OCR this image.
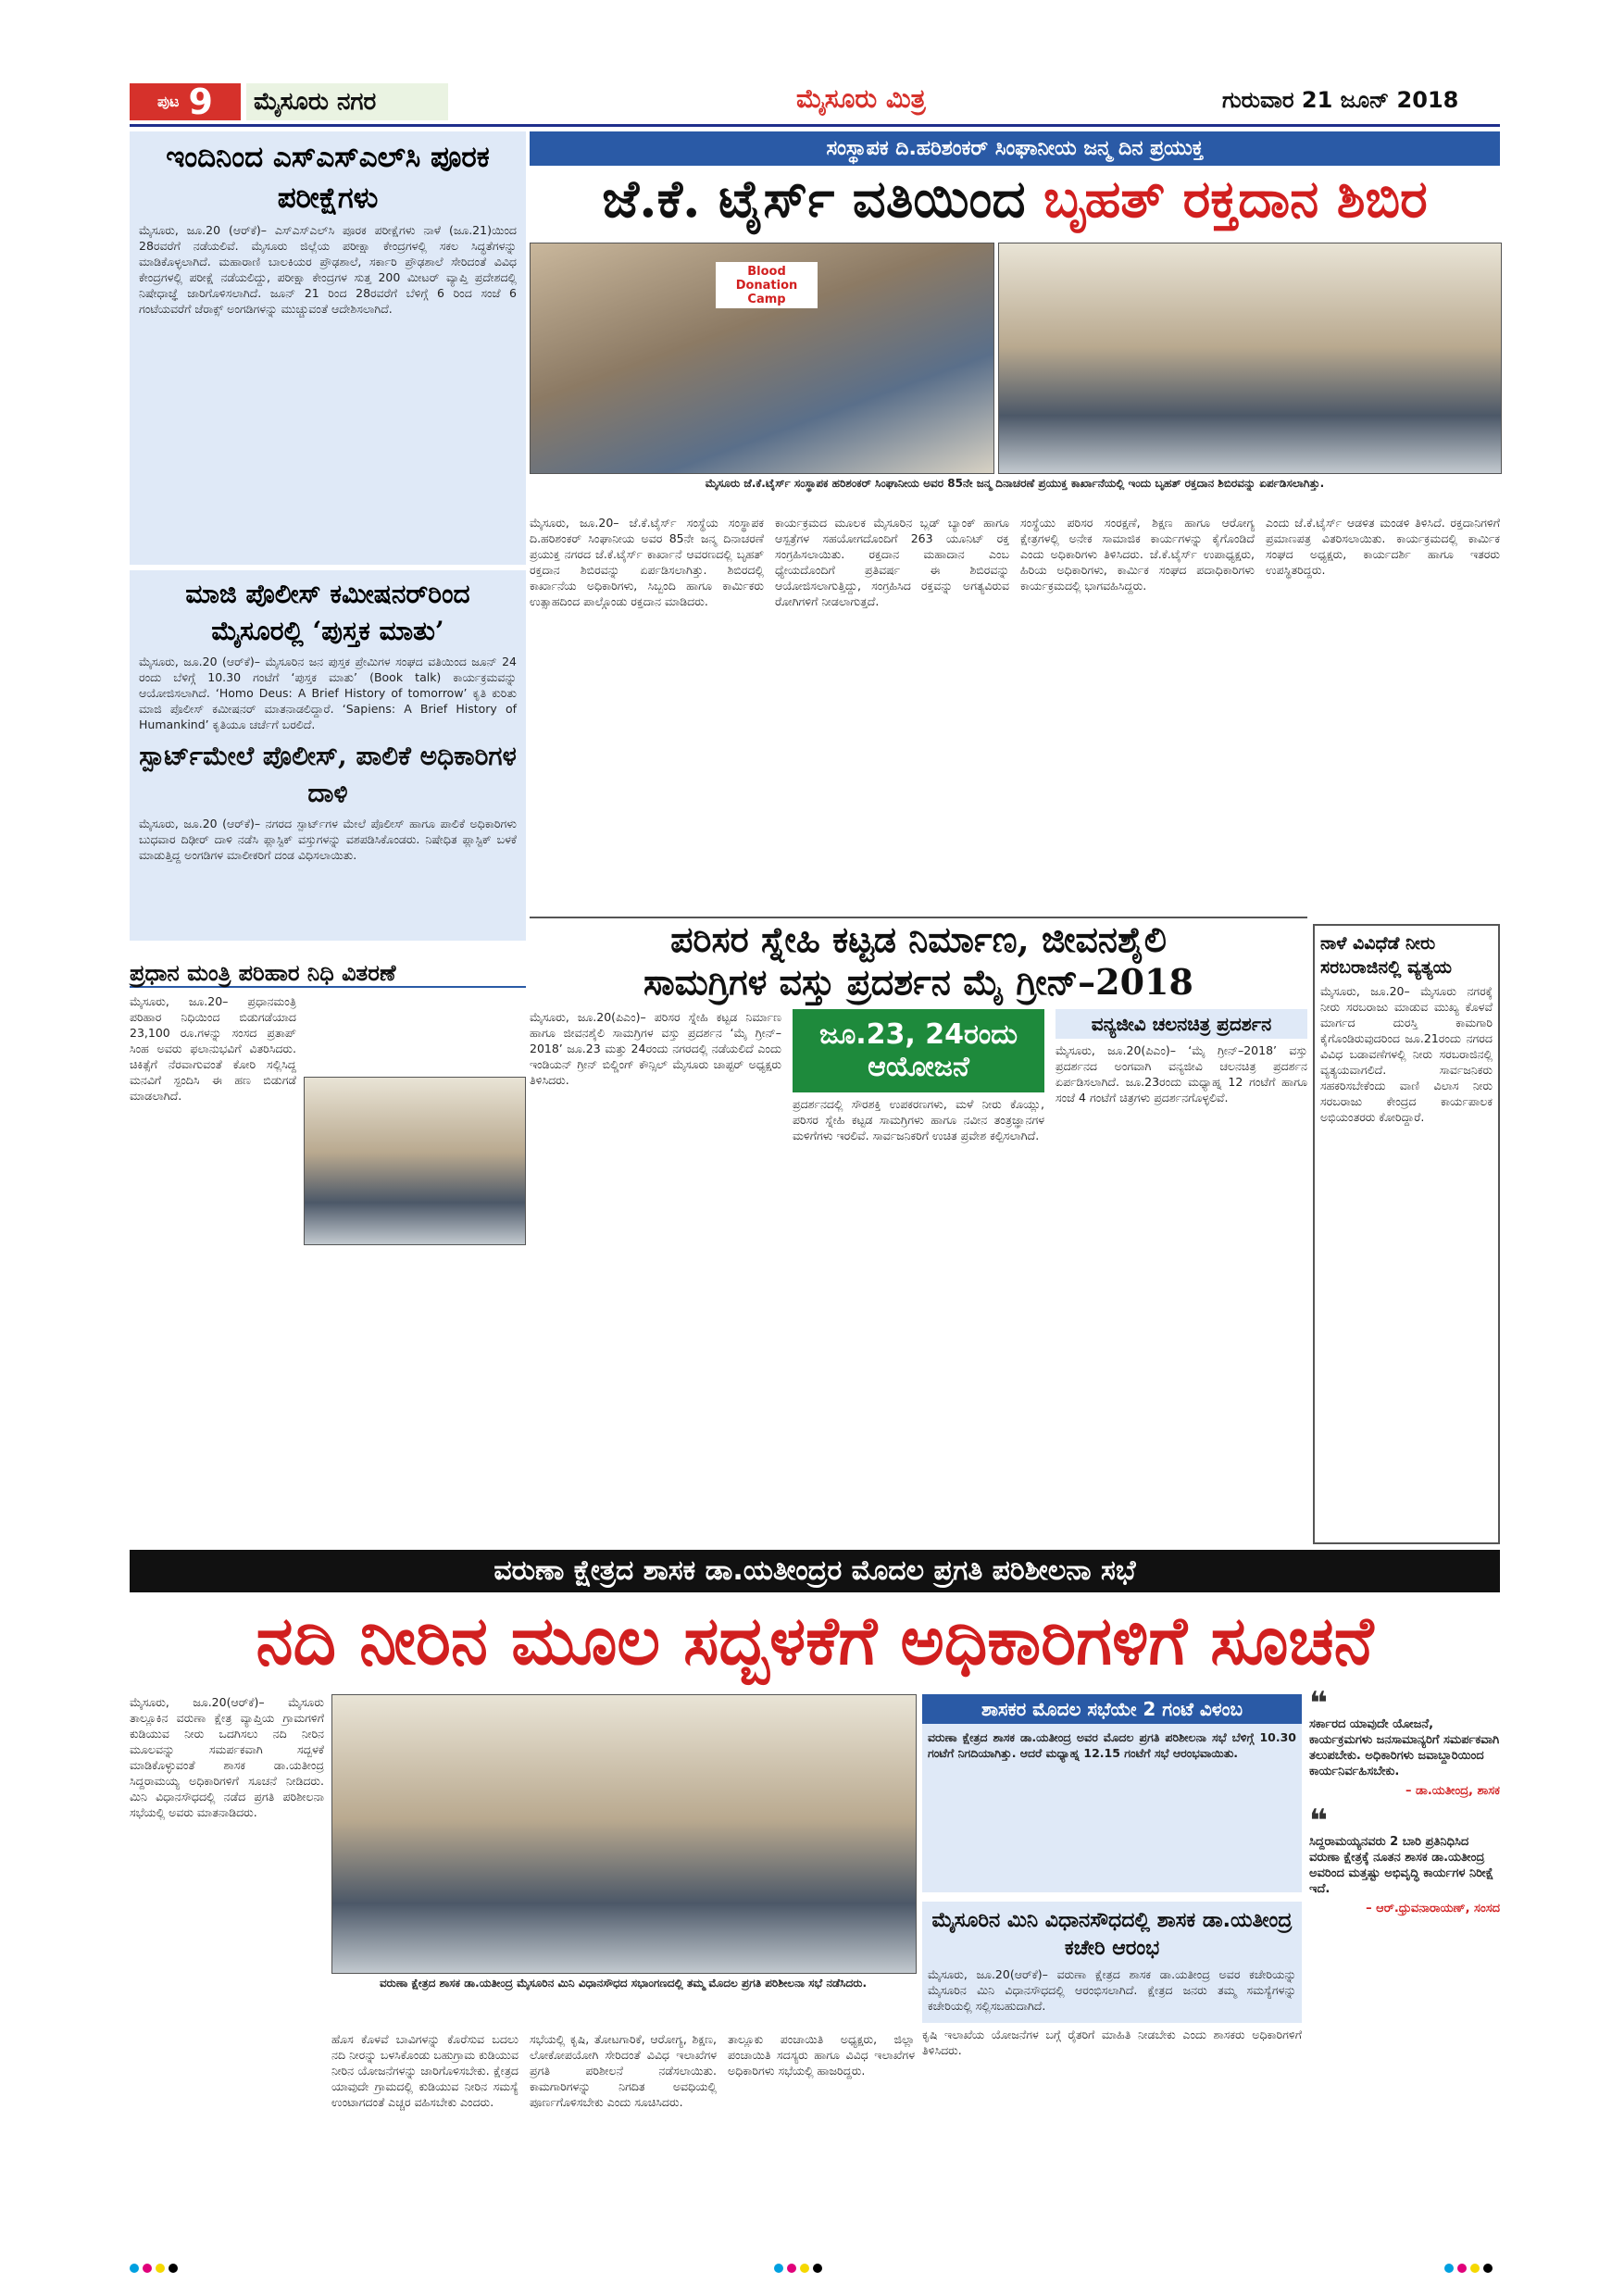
ಪುಟ 9	ಮೈಸೂರು ನಗರ	ಮೈಸೂರು ಮಿತ್ರ	ಗುರುವಾರ 21 ಜೂನ್ 2018
ಇಂದಿನಿಂದ ಎಸ್‌ಎಸ್‌ಎಲ್‌ಸಿ ಪೂರಕ ಪರೀಕ್ಷೆಗಳು

ಮೈಸೂರು, ಜೂ.20 (ಆರ್‌ಕೆ)– ಎಸ್‌ಎಸ್‌ಎಲ್‌ಸಿ ಪೂರಕ ಪರೀಕ್ಷೆಗಳು ನಾಳೆ (ಜೂ.21)ಯಿಂದ 28ರವರೆಗೆ ನಡೆಯಲಿವೆ. ಮೈಸೂರು ಜಿಲ್ಲೆಯ ಪರೀಕ್ಷಾ ಕೇಂದ್ರಗಳಲ್ಲಿ ಸಕಲ ಸಿದ್ಧತೆಗಳನ್ನು ಮಾಡಿಕೊಳ್ಳಲಾಗಿದೆ. ಮಹಾರಾಣಿ ಬಾಲಕಿಯರ ಪ್ರೌಢಶಾಲೆ, ಸರ್ಕಾರಿ ಪ್ರೌಢಶಾಲೆ ಸೇರಿದಂತೆ ವಿವಿಧ ಕೇಂದ್ರಗಳಲ್ಲಿ ಪರೀಕ್ಷೆ ನಡೆಯಲಿದ್ದು, ಪರೀಕ್ಷಾ ಕೇಂದ್ರಗಳ ಸುತ್ತ 200 ಮೀಟರ್ ವ್ಯಾಪ್ತಿ ಪ್ರದೇಶದಲ್ಲಿ ನಿಷೇಧಾಜ್ಞೆ ಜಾರಿಗೊಳಿಸಲಾಗಿದೆ. ಜೂನ್ 21 ರಿಂದ 28ರವರೆಗೆ ಬೆಳಿಗ್ಗೆ 6 ರಿಂದ ಸಂಜೆ 6 ಗಂಟೆಯವರೆಗೆ ಜೆರಾಕ್ಸ್ ಅಂಗಡಿಗಳನ್ನು ಮುಚ್ಚುವಂತೆ ಆದೇಶಿಸಲಾಗಿದೆ.

ಮಾಜಿ ಪೊಲೀಸ್ ಕಮೀಷನರ್‌ರಿಂದ ಮೈಸೂರಲ್ಲಿ ‘ಪುಸ್ತಕ ಮಾತು’

ಮೈಸೂರು, ಜೂ.20 (ಆರ್‌ಕೆ)– ಮೈಸೂರಿನ ಜನ ಪುಸ್ತಕ ಪ್ರೇಮಿಗಳ ಸಂಘದ ವತಿಯಿಂದ ಜೂನ್ 24 ರಂದು ಬೆಳಿಗ್ಗೆ 10.30 ಗಂಟೆಗೆ ‘ಪುಸ್ತಕ ಮಾತು’ (Book talk) ಕಾರ್ಯಕ್ರಮವನ್ನು ಆಯೋಜಿಸಲಾಗಿದೆ. ‘Homo Deus: A Brief History of tomorrow’ ಕೃತಿ ಕುರಿತು ಮಾಜಿ ಪೊಲೀಸ್ ಕಮೀಷನರ್ ಮಾತನಾಡಲಿದ್ದಾರೆ. ‘Sapiens: A Brief History of Humankind’ ಕೃತಿಯೂ ಚರ್ಚೆಗೆ ಬರಲಿದೆ.

ಸ್ಪಾರ್ಟ್‌ಮೇಲೆ ಪೊಲೀಸ್, ಪಾಲಿಕೆ ಅಧಿಕಾರಿಗಳ ದಾಳಿ

ಮೈಸೂರು, ಜೂ.20 (ಆರ್‌ಕೆ)– ನಗರದ ಸ್ಪಾರ್ಟ್‌ಗಳ ಮೇಲೆ ಪೊಲೀಸ್ ಹಾಗೂ ಪಾಲಿಕೆ ಅಧಿಕಾರಿಗಳು ಬುಧವಾರ ದಿಢೀರ್ ದಾಳಿ ನಡೆಸಿ ಪ್ಲಾಸ್ಟಿಕ್ ವಸ್ತುಗಳನ್ನು ವಶಪಡಿಸಿಕೊಂಡರು. ನಿಷೇಧಿತ ಪ್ಲಾಸ್ಟಿಕ್ ಬಳಕೆ ಮಾಡುತ್ತಿದ್ದ ಅಂಗಡಿಗಳ ಮಾಲೀಕರಿಗೆ ದಂಡ ವಿಧಿಸಲಾಯಿತು.

ಪ್ರಧಾನ ಮಂತ್ರಿ ಪರಿಹಾರ ನಿಧಿ ವಿತರಣೆ

ಮೈಸೂರು, ಜೂ.20– ಪ್ರಧಾನಮಂತ್ರಿ ಪರಿಹಾರ ನಿಧಿಯಿಂದ ಬಿಡುಗಡೆಯಾದ 23,100 ರೂ.ಗಳನ್ನು ಸಂಸದ ಪ್ರತಾಪ್ ಸಿಂಹ ಅವರು ಫಲಾನುಭವಿಗೆ ವಿತರಿಸಿದರು. ಚಿಕಿತ್ಸೆಗೆ ನೆರವಾಗುವಂತೆ ಕೋರಿ ಸಲ್ಲಿಸಿದ್ದ ಮನವಿಗೆ ಸ್ಪಂದಿಸಿ ಈ ಹಣ ಬಿಡುಗಡೆ ಮಾಡಲಾಗಿದೆ.

ಸಂಸ್ಥಾಪಕ ದಿ.ಹರಿಶಂಕರ್ ಸಿಂಘಾನೀಯ ಜನ್ಮ ದಿನ ಪ್ರಯುಕ್ತ
ಜೆ.ಕೆ. ಟೈರ್ಸ್ ವತಿಯಿಂದ ಬೃಹತ್ ರಕ್ತದಾನ ಶಿಬಿರ
Blood Donation Camp
ಮೈಸೂರು ಜೆ.ಕೆ.ಟೈರ್ಸ್ ಸಂಸ್ಥಾಪಕ ಹರಿಶಂಕರ್ ಸಿಂಘಾನೀಯ ಅವರ 85ನೇ ಜನ್ಮ ದಿನಾಚರಣೆ ಪ್ರಯುಕ್ತ ಕಾರ್ಖಾನೆಯಲ್ಲಿ ಇಂದು ಬೃಹತ್ ರಕ್ತದಾನ ಶಿಬಿರವನ್ನು ಏರ್ಪಡಿಸಲಾಗಿತ್ತು.

ಮೈಸೂರು, ಜೂ.20– ಜೆ.ಕೆ.ಟೈರ್ಸ್ ಸಂಸ್ಥೆಯ ಸಂಸ್ಥಾಪಕ ದಿ.ಹರಿಶಂಕರ್ ಸಿಂಘಾನೀಯ ಅವರ 85ನೇ ಜನ್ಮ ದಿನಾಚರಣೆ ಪ್ರಯುಕ್ತ ನಗರದ ಜೆ.ಕೆ.ಟೈರ್ಸ್ ಕಾರ್ಖಾನೆ ಆವರಣದಲ್ಲಿ ಬೃಹತ್ ರಕ್ತದಾನ ಶಿಬಿರವನ್ನು ಏರ್ಪಡಿಸಲಾಗಿತ್ತು. ಶಿಬಿರದಲ್ಲಿ ಕಾರ್ಖಾನೆಯ ಅಧಿಕಾರಿಗಳು, ಸಿಬ್ಬಂದಿ ಹಾಗೂ ಕಾರ್ಮಿಕರು ಉತ್ಸಾಹದಿಂದ ಪಾಲ್ಗೊಂಡು ರಕ್ತದಾನ ಮಾಡಿದರು.

ಕಾರ್ಯಕ್ರಮದ ಮೂಲಕ ಮೈಸೂರಿನ ಬ್ಲಡ್ ಬ್ಯಾಂಕ್ ಹಾಗೂ ಆಸ್ಪತ್ರೆಗಳ ಸಹಯೋಗದೊಂದಿಗೆ 263 ಯೂನಿಟ್ ರಕ್ತ ಸಂಗ್ರಹಿಸಲಾಯಿತು. ರಕ್ತದಾನ ಮಹಾದಾನ ಎಂಬ ಧ್ಯೇಯದೊಂದಿಗೆ ಪ್ರತಿವರ್ಷ ಈ ಶಿಬಿರವನ್ನು ಆಯೋಜಿಸಲಾಗುತ್ತಿದ್ದು, ಸಂಗ್ರಹಿಸಿದ ರಕ್ತವನ್ನು ಅಗತ್ಯವಿರುವ ರೋಗಿಗಳಿಗೆ ನೀಡಲಾಗುತ್ತದೆ.

ಸಂಸ್ಥೆಯು ಪರಿಸರ ಸಂರಕ್ಷಣೆ, ಶಿಕ್ಷಣ ಹಾಗೂ ಆರೋಗ್ಯ ಕ್ಷೇತ್ರಗಳಲ್ಲಿ ಅನೇಕ ಸಾಮಾಜಿಕ ಕಾರ್ಯಗಳನ್ನು ಕೈಗೊಂಡಿದೆ ಎಂದು ಅಧಿಕಾರಿಗಳು ತಿಳಿಸಿದರು. ಜೆ.ಕೆ.ಟೈರ್ಸ್ ಉಪಾಧ್ಯಕ್ಷರು, ಹಿರಿಯ ಅಧಿಕಾರಿಗಳು, ಕಾರ್ಮಿಕ ಸಂಘದ ಪದಾಧಿಕಾರಿಗಳು ಕಾರ್ಯಕ್ರಮದಲ್ಲಿ ಭಾಗವಹಿಸಿದ್ದರು.

ಎಂದು ಜೆ.ಕೆ.ಟೈರ್ಸ್ ಆಡಳಿತ ಮಂಡಳಿ ತಿಳಿಸಿದೆ. ರಕ್ತದಾನಿಗಳಿಗೆ ಪ್ರಮಾಣಪತ್ರ ವಿತರಿಸಲಾಯಿತು. ಕಾರ್ಯಕ್ರಮದಲ್ಲಿ ಕಾರ್ಮಿಕ ಸಂಘದ ಅಧ್ಯಕ್ಷರು, ಕಾರ್ಯದರ್ಶಿ ಹಾಗೂ ಇತರರು ಉಪಸ್ಥಿತರಿದ್ದರು.

ಪರಿಸರ ಸ್ನೇಹಿ ಕಟ್ಟಡ ನಿರ್ಮಾಣ, ಜೀವನಶೈಲಿ
ಸಾಮಗ್ರಿಗಳ ವಸ್ತು ಪ್ರದರ್ಶನ ಮೈ ಗ್ರೀನ್–2018

ಮೈಸೂರು, ಜೂ.20(ಪಿಎಂ)– ಪರಿಸರ ಸ್ನೇಹಿ ಕಟ್ಟಡ ನಿರ್ಮಾಣ ಹಾಗೂ ಜೀವನಶೈಲಿ ಸಾಮಗ್ರಿಗಳ ವಸ್ತು ಪ್ರದರ್ಶನ ‘ಮೈ ಗ್ರೀನ್–2018’ ಜೂ.23 ಮತ್ತು 24ರಂದು ನಗರದಲ್ಲಿ ನಡೆಯಲಿದೆ ಎಂದು ಇಂಡಿಯನ್ ಗ್ರೀನ್ ಬಿಲ್ಡಿಂಗ್ ಕೌನ್ಸಿಲ್ ಮೈಸೂರು ಚಾಪ್ಟರ್ ಅಧ್ಯಕ್ಷರು ತಿಳಿಸಿದರು.

ಜೂ.23, 24ರಂದು
ಆಯೋಜನೆ

ಪ್ರದರ್ಶನದಲ್ಲಿ ಸೌರಶಕ್ತಿ ಉಪಕರಣಗಳು, ಮಳೆ ನೀರು ಕೊಯ್ಲು, ಪರಿಸರ ಸ್ನೇಹಿ ಕಟ್ಟಡ ಸಾಮಗ್ರಿಗಳು ಹಾಗೂ ನವೀನ ತಂತ್ರಜ್ಞಾನಗಳ ಮಳಿಗೆಗಳು ಇರಲಿವೆ. ಸಾರ್ವಜನಿಕರಿಗೆ ಉಚಿತ ಪ್ರವೇಶ ಕಲ್ಪಿಸಲಾಗಿದೆ.

ವನ್ಯಜೀವಿ ಚಲನಚಿತ್ರ ಪ್ರದರ್ಶನ

ಮೈಸೂರು, ಜೂ.20(ಪಿಎಂ)– ‘ಮೈ ಗ್ರೀನ್–2018’ ವಸ್ತು ಪ್ರದರ್ಶನದ ಅಂಗವಾಗಿ ವನ್ಯಜೀವಿ ಚಲನಚಿತ್ರ ಪ್ರದರ್ಶನ ಏರ್ಪಡಿಸಲಾಗಿದೆ. ಜೂ.23ರಂದು ಮಧ್ಯಾಹ್ನ 12 ಗಂಟೆಗೆ ಹಾಗೂ ಸಂಜೆ 4 ಗಂಟೆಗೆ ಚಿತ್ರಗಳು ಪ್ರದರ್ಶನಗೊಳ್ಳಲಿವೆ.

ನಾಳೆ ವಿವಿಧೆಡೆ ನೀರು ಸರಬರಾಜಿನಲ್ಲಿ ವ್ಯತ್ಯಯ

ಮೈಸೂರು, ಜೂ.20– ಮೈಸೂರು ನಗರಕ್ಕೆ ನೀರು ಸರಬರಾಜು ಮಾಡುವ ಮುಖ್ಯ ಕೊಳವೆ ಮಾರ್ಗದ ದುರಸ್ತಿ ಕಾಮಗಾರಿ ಕೈಗೊಂಡಿರುವುದರಿಂದ ಜೂ.21ರಂದು ನಗರದ ವಿವಿಧ ಬಡಾವಣೆಗಳಲ್ಲಿ ನೀರು ಸರಬರಾಜಿನಲ್ಲಿ ವ್ಯತ್ಯಯವಾಗಲಿದೆ. ಸಾರ್ವಜನಿಕರು ಸಹಕರಿಸಬೇಕೆಂದು ವಾಣಿ ವಿಲಾಸ ನೀರು ಸರಬರಾಜು ಕೇಂದ್ರದ ಕಾರ್ಯಪಾಲಕ ಅಭಿಯಂತರರು ಕೋರಿದ್ದಾರೆ.

ವರುಣಾ ಕ್ಷೇತ್ರದ ಶಾಸಕ ಡಾ.ಯತೀಂದ್ರರ ಮೊದಲ ಪ್ರಗತಿ ಪರಿಶೀಲನಾ ಸಭೆ
ನದಿ ನೀರಿನ ಮೂಲ ಸದ್ಬಳಕೆಗೆ ಅಧಿಕಾರಿಗಳಿಗೆ ಸೂಚನೆ

ಮೈಸೂರು, ಜೂ.20(ಆರ್‌ಕೆ)– ಮೈಸೂರು ತಾಲ್ಲೂಕಿನ ವರುಣಾ ಕ್ಷೇತ್ರ ವ್ಯಾಪ್ತಿಯ ಗ್ರಾಮಗಳಿಗೆ ಕುಡಿಯುವ ನೀರು ಒದಗಿಸಲು ನದಿ ನೀರಿನ ಮೂಲವನ್ನು ಸಮರ್ಪಕವಾಗಿ ಸದ್ಬಳಕೆ ಮಾಡಿಕೊಳ್ಳುವಂತೆ ಶಾಸಕ ಡಾ.ಯತೀಂದ್ರ ಸಿದ್ದರಾಮಯ್ಯ ಅಧಿಕಾರಿಗಳಿಗೆ ಸೂಚನೆ ನೀಡಿದರು. ಮಿನಿ ವಿಧಾನಸೌಧದಲ್ಲಿ ನಡೆದ ಪ್ರಗತಿ ಪರಿಶೀಲನಾ ಸಭೆಯಲ್ಲಿ ಅವರು ಮಾತನಾಡಿದರು.

ವರುಣಾ ಕ್ಷೇತ್ರದ ಶಾಸಕ ಡಾ.ಯತೀಂದ್ರ ಮೈಸೂರಿನ ಮಿನಿ ವಿಧಾನಸೌಧದ ಸಭಾಂಗಣದಲ್ಲಿ ತಮ್ಮ ಮೊದಲ ಪ್ರಗತಿ ಪರಿಶೀಲನಾ ಸಭೆ ನಡೆಸಿದರು.

ಹೊಸ ಕೊಳವೆ ಬಾವಿಗಳನ್ನು ಕೊರೆಸುವ ಬದಲು ನದಿ ನೀರನ್ನು ಬಳಸಿಕೊಂಡು ಬಹುಗ್ರಾಮ ಕುಡಿಯುವ ನೀರಿನ ಯೋಜನೆಗಳನ್ನು ಜಾರಿಗೊಳಿಸಬೇಕು. ಕ್ಷೇತ್ರದ ಯಾವುದೇ ಗ್ರಾಮದಲ್ಲಿ ಕುಡಿಯುವ ನೀರಿನ ಸಮಸ್ಯೆ ಉಂಟಾಗದಂತೆ ಎಚ್ಚರ ವಹಿಸಬೇಕು ಎಂದರು.

ಸಭೆಯಲ್ಲಿ ಕೃಷಿ, ತೋಟಗಾರಿಕೆ, ಆರೋಗ್ಯ, ಶಿಕ್ಷಣ, ಲೋಕೋಪಯೋಗಿ ಸೇರಿದಂತೆ ವಿವಿಧ ಇಲಾಖೆಗಳ ಪ್ರಗತಿ ಪರಿಶೀಲನೆ ನಡೆಸಲಾಯಿತು. ಕಾಮಗಾರಿಗಳನ್ನು ನಿಗದಿತ ಅವಧಿಯಲ್ಲಿ ಪೂರ್ಣಗೊಳಿಸಬೇಕು ಎಂದು ಸೂಚಿಸಿದರು.

ತಾಲ್ಲೂಕು ಪಂಚಾಯಿತಿ ಅಧ್ಯಕ್ಷರು, ಜಿಲ್ಲಾ ಪಂಚಾಯಿತಿ ಸದಸ್ಯರು ಹಾಗೂ ವಿವಿಧ ಇಲಾಖೆಗಳ ಅಧಿಕಾರಿಗಳು ಸಭೆಯಲ್ಲಿ ಹಾಜರಿದ್ದರು.

ಶಾಸಕರ ಮೊದಲ ಸಭೆಯೇ 2 ಗಂಟೆ ವಿಳಂಬ

ವರುಣಾ ಕ್ಷೇತ್ರದ ಶಾಸಕ ಡಾ.ಯತೀಂದ್ರ ಅವರ ಮೊದಲ ಪ್ರಗತಿ ಪರಿಶೀಲನಾ ಸಭೆ ಬೆಳಿಗ್ಗೆ 10.30 ಗಂಟೆಗೆ ನಿಗದಿಯಾಗಿತ್ತು. ಆದರೆ ಮಧ್ಯಾಹ್ನ 12.15 ಗಂಟೆಗೆ ಸಭೆ ಆರಂಭವಾಯಿತು.

ಮೈಸೂರಿನ ಮಿನಿ ವಿಧಾನಸೌಧದಲ್ಲಿ ಶಾಸಕ ಡಾ.ಯತೀಂದ್ರ ಕಚೇರಿ ಆರಂಭ

ಮೈಸೂರು, ಜೂ.20(ಆರ್‌ಕೆ)– ವರುಣಾ ಕ್ಷೇತ್ರದ ಶಾಸಕ ಡಾ.ಯತೀಂದ್ರ ಅವರ ಕಚೇರಿಯನ್ನು ಮೈಸೂರಿನ ಮಿನಿ ವಿಧಾನಸೌಧದಲ್ಲಿ ಆರಂಭಿಸಲಾಗಿದೆ. ಕ್ಷೇತ್ರದ ಜನರು ತಮ್ಮ ಸಮಸ್ಯೆಗಳನ್ನು ಕಚೇರಿಯಲ್ಲಿ ಸಲ್ಲಿಸಬಹುದಾಗಿದೆ.

ಕೃಷಿ ಇಲಾಖೆಯ ಯೋಜನೆಗಳ ಬಗ್ಗೆ ರೈತರಿಗೆ ಮಾಹಿತಿ ನೀಡಬೇಕು ಎಂದು ಶಾಸಕರು ಅಧಿಕಾರಿಗಳಿಗೆ ತಿಳಿಸಿದರು.

❝

ಸರ್ಕಾರದ ಯಾವುದೇ ಯೋಜನೆ, ಕಾರ್ಯಕ್ರಮಗಳು ಜನಸಾಮಾನ್ಯರಿಗೆ ಸಮರ್ಪಕವಾಗಿ ತಲುಪಬೇಕು. ಅಧಿಕಾರಿಗಳು ಜವಾಬ್ದಾರಿಯಿಂದ ಕಾರ್ಯನಿರ್ವಹಿಸಬೇಕು.

– ಡಾ.ಯತೀಂದ್ರ, ಶಾಸಕ

❝

ಸಿದ್ದರಾಮಯ್ಯನವರು 2 ಬಾರಿ ಪ್ರತಿನಿಧಿಸಿದ ವರುಣಾ ಕ್ಷೇತ್ರಕ್ಕೆ ನೂತನ ಶಾಸಕ ಡಾ.ಯತೀಂದ್ರ ಅವರಿಂದ ಮತ್ತಷ್ಟು ಅಭಿವೃದ್ಧಿ ಕಾರ್ಯಗಳ ನಿರೀಕ್ಷೆ ಇದೆ.

– ಆರ್.ಧ್ರುವನಾರಾಯಣ್, ಸಂಸದ
